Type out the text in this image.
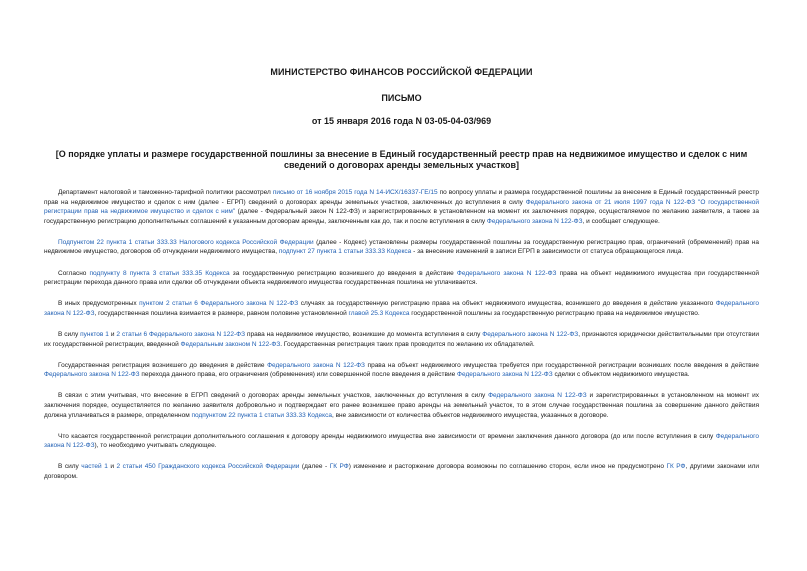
МИНИСТЕРСТВО ФИНАНСОВ РОССИЙСКОЙ ФЕДЕРАЦИИ
ПИСЬМО
от 15 января 2016 года N 03-05-04-03/969
[О порядке уплаты и размере государственной пошлины за внесение в Единый государственный реестр прав на недвижимое имущество и сделок с ним сведений о договорах аренды земельных участков]

Департамент налоговой и таможенно-тарифной политики рассмотрел письмо от 16 ноября 2015 года N 14-ИСХ/16337-ГЕ/15 по вопросу уплаты и размера государственной пошлины за внесение в Единый государственный реестр прав на недвижимое имущество и сделок с ним (далее - ЕГРП) сведений о договорах аренды земельных участков, заключенных до вступления в силу Федерального закона от 21 июля 1997 года N 122-ФЗ "О государственной регистрации прав на недвижимое имущество и сделок с ним" (далее - Федеральный закон N 122-ФЗ) и зарегистрированных в установленном на момент их заключения порядке, осуществляемое по желанию заявителя, а также за государственную регистрацию дополнительных соглашений к указанным договорам аренды, заключенным как до, так и после вступления в силу Федерального закона N 122-ФЗ, и сообщает следующее.

Подпунктом 22 пункта 1 статьи 333.33 Налогового кодекса Российской Федерации (далее - Кодекс) установлены размеры государственной пошлины за государственную регистрацию прав, ограничений (обременений) прав на недвижимое имущество, договоров об отчуждении недвижимого имущества, подпункт 27 пункта 1 статьи 333.33 Кодекса - за внесение изменений в записи ЕГРП в зависимости от статуса обращающегося лица.

Согласно подпункту 8 пункта 3 статьи 333.35 Кодекса за государственную регистрацию возникшего до введения в действие Федерального закона N 122-ФЗ права на объект недвижимого имущества при государственной регистрации перехода данного права или сделки об отчуждении объекта недвижимого имущества государственная пошлина не уплачивается.

В иных предусмотренных пунктом 2 статьи 6 Федерального закона N 122-ФЗ случаях за государственную регистрацию права на объект недвижимого имущества, возникшего до введения в действие указанного Федерального закона N 122-ФЗ, государственная пошлина взимается в размере, равном половине установленной главой 25.3 Кодекса государственной пошлины за государственную регистрацию права на недвижимое имущество.

В силу пунктов 1 и 2 статьи 6 Федерального закона N 122-ФЗ права на недвижимое имущество, возникшие до момента вступления в силу Федерального закона N 122-ФЗ, признаются юридически действительными при отсутствии их государственной регистрации, введенной Федеральным законом N 122-ФЗ. Государственная регистрация таких прав проводится по желанию их обладателей.

Государственная регистрация возникшего до введения в действие Федерального закона N 122-ФЗ права на объект недвижимого имущества требуется при государственной регистрации возникших после введения в действие Федерального закона N 122-ФЗ перехода данного права, его ограничения (обременения) или совершенной после введения в действие Федерального закона N 122-ФЗ сделки с объектом недвижимого имущества.

В связи с этим учитывая, что внесение в ЕГРП сведений о договорах аренды земельных участков, заключенных до вступления в силу Федерального закона N 122-ФЗ и зарегистрированных в установленном на момент их заключения порядке, осуществляется по желанию заявителя добровольно и подтверждает его ранее возникшее право аренды на земельный участок, то в этом случае государственная пошлина за совершение данного действия должна уплачиваться в размере, определенном подпунктом 22 пункта 1 статьи 333.33 Кодекса, вне зависимости от количества объектов недвижимого имущества, указанных в договоре.

Что касается государственной регистрации дополнительного соглашения к договору аренды недвижимого имущества вне зависимости от времени заключения данного договора (до или после вступления в силу Федерального закона N 122-ФЗ), то необходимо учитывать следующее.

В силу частей 1 и 2 статьи 450 Гражданского кодекса Российской Федерации (далее - ГК РФ) изменение и расторжение договора возможны по соглашению сторон, если иное не предусмотрено ГК РФ, другими законами или договором.
